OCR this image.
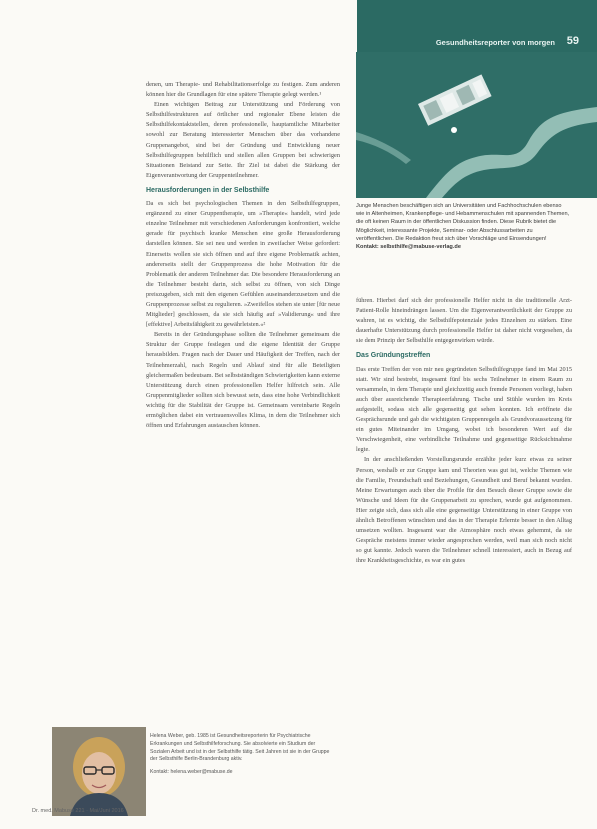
Gesundheitsreporter von morgen 59
Junge Menschen beschäftigen sich an Universitäten und Fachhochschulen ebenso wie in Altenheimen, Krankenpflege- und Hebammenschulen mit spannenden Themen, die oft keinen Raum in der öffentlichen Diskussion finden. Diese Rubrik bietet die Möglichkeit, interessante Projekte, Seminar- oder Abschlussarbeiten zu veröffentlichen. Die Redaktion freut sich über Vorschläge und Einsendungen!
Kontakt: selbsthilfe@mabuse-verlag.de

denen, um Therapie- und Rehabilitationserfolge zu festigen. Zum anderen können hier die Grundlagen für eine spätere Therapie gelegt werden.¹

Einen wichtigen Beitrag zur Unterstützung und Förderung von Selbsthilfestrukturen auf örtlicher und regionaler Ebene leisten die Selbsthilfekontaktstellen, deren professionelle, hauptamtliche Mitarbeiter sowohl zur Beratung interessierter Menschen über das vorhandene Gruppenangebot, sind bei der Gründung und Entwicklung neuer Selbsthilfegruppen behilflich und stellen allen Gruppen bei schwierigen Situationen Beistand zur Seite. Ihr Ziel ist dabei die Stärkung der Eigenverantwortung der Gruppenteilnehmer.

Herausforderungen in der Selbsthilfe

Da es sich bei psychologischen Themen in den Selbsthilfegruppen, ergänzend zu einer Gruppentherapie, um »Therapie« handelt, wird jede einzelne Teilnehmer mit verschiedenen Anforderungen konfrontiert, welche gerade für psychisch kranke Menschen eine große Herausforderung darstellen können. Sie sei neu und werden in zweifacher Weise gefordert: Einerseits wollen sie sich öffnen und auf ihre eigene Problematik achten, andererseits stellt der Gruppenprozess die hohe Motivation für die Problematik der anderen Teilnehmer dar. Die besondere Herausforderung an die Teilnehmer besteht darin, sich selbst zu öffnen, von sich Dinge preiszugeben, sich mit den eigenen Gefühlen auseinanderzusetzen und die Gruppenprozesse selbst zu regulieren. »Zweifellos stehen sie unter [für neue Mitglieder] geschlossen, da sie sich häufig auf »Validierung« und ihre [effektive] Arbeitsfähigkeit zu gewährleisten.«²

Bereits in der Gründungsphase sollten die Teilnehmer gemeinsam die Struktur der Gruppe festlegen und die eigene Identität der Gruppe herausbilden. Fragen nach der Dauer und Häufigkeit der Treffen, nach der Teilnehmerzahl, nach Regeln und Ablauf sind für alle Beteiligten gleichermaßen bedeutsam. Bei selbstständigen Schwierigkeiten kann externe Unterstützung durch einen professionellen Helfer hilfreich sein. Alle Gruppenmitglieder sollten sich bewusst sein, dass eine hohe Verbindlichkeit wichtig für die Stabilität der Gruppe ist. Gemeinsam vereinbarte Regeln ermöglichen dabei ein vertrauensvolles Klima, in dem die Teilnehmer sich öffnen und Erfahrungen austauschen können.

führen. Hierbei darf sich der professionelle Helfer nicht in die traditionelle Arzt-Patient-Rolle hineindrängen lassen. Um die Eigenverantwortlichkeit der Gruppe zu wahren, ist es wichtig, die Selbsthilfepotenziale jedes Einzelnen zu stärken. Eine dauerhafte Unterstützung durch professionelle Helfer ist daher nicht vorgesehen, da sie dem Prinzip der Selbsthilfe entgegenwirken würde.

Das Gründungstreffen

Das erste Treffen der von mir neu gegründeten Selbsthilfegruppe fand im Mai 2015 statt. Wir sind bestrebt, insgesamt fünf bis sechs Teilnehmer in einem Raum zu versammeln, in dem Therapie und gleichzeitig auch fremde Personen vorliegt, haben auch über ausreichende Therapieerfahrung. Tische und Stühle wurden im Kreis aufgestellt, sodass sich alle gegenseitig gut sehen konnten. Ich eröffnete die Gesprächsrunde und gab die wichtigsten Gruppenregeln als Grundvoraussetzung für ein gutes Miteinander im Umgang, wobei ich besonderen Wert auf die Verschwiegenheit, eine verbindliche Teilnahme und gegenseitige Rücksichtnahme legte.

In der anschließenden Vorstellungsrunde erzählte jeder kurz etwas zu seiner Person, weshalb er zur Gruppe kam und Theorien was gut ist, welche Themen wie die Familie, Freundschaft und Beziehungen, Gesundheit und Beruf bekannt wurden. Meine Erwartungen auch über die Profile für den Besuch dieser Gruppe sowie die Wünsche und Ideen für die Gruppenarbeit zu sprechen, wurde gut aufgenommen. Hier zeigte sich, dass sich alle eine gegenseitige Unterstützung in einer Gruppe von ähnlich Betroffenen wünschten und das in der Therapie Erlernte besser in den Alltag umsetzen wollten. Insgesamt war die Atmosphäre noch etwas gehemmt, da sie Gespräche meistens immer wieder angesprochen werden, weil man sich noch nicht so gut kannte. Jedoch waren die Teilnehmer schnell interessiert, auch in Bezug auf ihre Krankheitsgeschichte, es war ein gutes

Helena Weber, geb. 1985 ist Gesundheitsreporterin für Psychiatrische Erkrankungen und Selbsthilfeforschung. Sie absolvierte ein Studium der Sozialen Arbeit und ist in der Selbsthilfe tätig. Seit Jahren ist sie in der Gruppe der Selbsthilfe Berlin-Brandenburg aktiv.
Kontakt: helena.weber@mabuse.de
Dr. med. Mabuse 221 · Mai/Juni 2016
